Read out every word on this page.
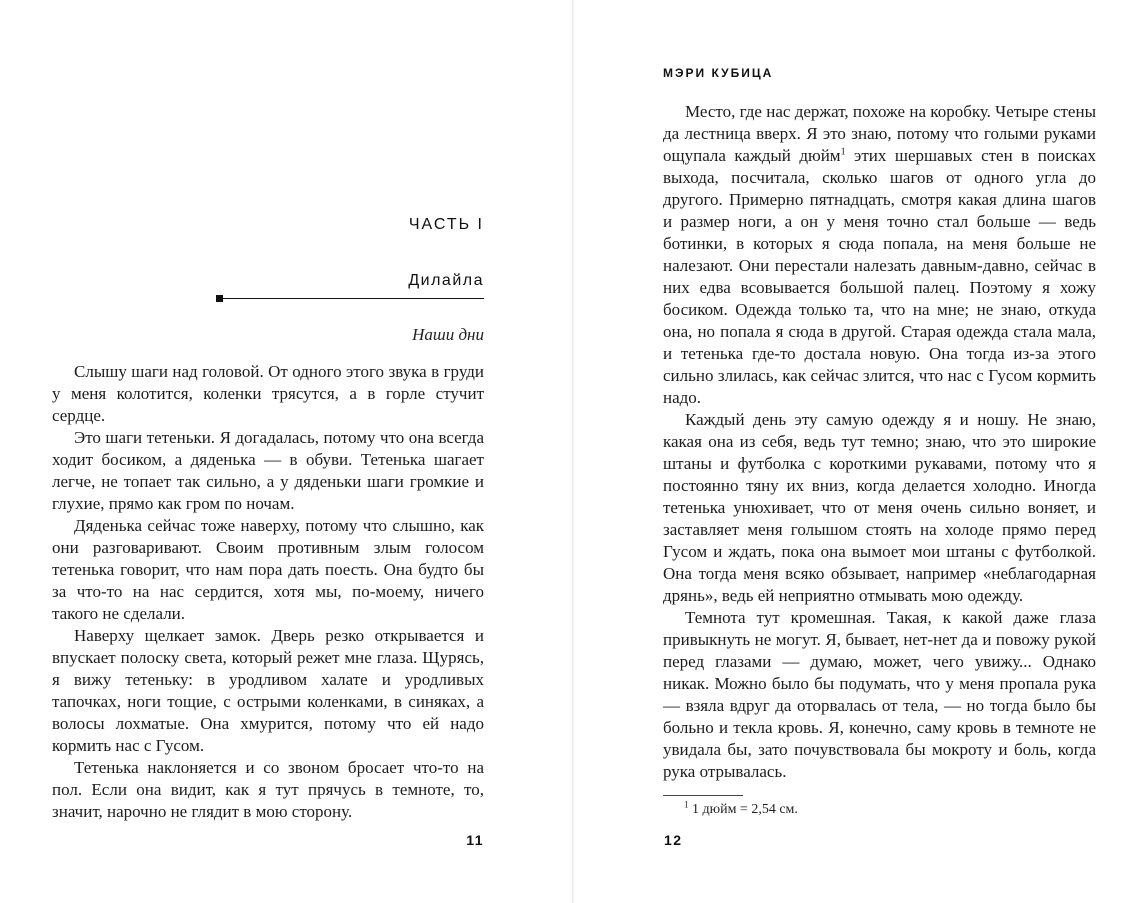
ЧАСТЬ I
Дилайла
Наши дни

Слышу шаги над головой. От одного этого звука в груди у меня колотится, коленки трясутся, а в горле стучит сердце.

Это шаги тетеньки. Я догадалась, потому что она всегда ходит босиком, а дяденька — в обуви. Тетенька шагает легче, не топает так сильно, а у дяденьки шаги громкие и глухие, прямо как гром по ночам.

Дяденька сейчас тоже наверху, потому что слышно, как они разговаривают. Своим противным злым голосом тетенька говорит, что нам пора дать поесть. Она будто бы за что-то на нас сердится, хотя мы, по-моему, ничего такого не сделали.

Наверху щелкает замок. Дверь резко открывается и впускает полоску света, который режет мне глаза. Щурясь, я вижу тетеньку: в уродливом халате и уродливых тапочках, ноги тощие, с острыми коленками, в синяках, а волосы лохматые. Она хмурится, потому что ей надо кормить нас с Гусом.

Тетенька наклоняется и со звоном бросает что-то на пол. Если она видит, как я тут прячусь в темноте, то, значит, нарочно не глядит в мою сторону.

11
МЭРИ КУБИЦА

Место, где нас держат, похоже на коробку. Четыре стены да лестница вверх. Я это знаю, потому что голыми руками ощупала каждый дюйм$^1$ этих шершавых стен в поисках выхода, посчитала, сколько шагов от одного угла до другого. Примерно пятнадцать, смотря какая длина шагов и размер ноги, а он у меня точно стал больше — ведь ботинки, в которых я сюда попала, на меня больше не налезают. Они перестали налезать давным-давно, сейчас в них едва всовывается большой палец. Поэтому я хожу босиком. Одежда только та, что на мне; не знаю, откуда она, но попала я сюда в другой. Старая одежда стала мала, и тетенька где-то достала новую. Она тогда из-за этого сильно злилась, как сейчас злится, что нас с Гусом кормить надо.

Каждый день эту самую одежду я и ношу. Не знаю, какая она из себя, ведь тут темно; знаю, что это широкие штаны и футболка с короткими рукавами, потому что я постоянно тяну их вниз, когда делается холодно. Иногда тетенька унюхивает, что от меня очень сильно воняет, и заставляет меня голышом стоять на холоде прямо перед Гусом и ждать, пока она вымоет мои штаны с футболкой. Она тогда меня всяко обзывает, например «неблагодарная дрянь», ведь ей неприятно отмывать мою одежду.

Темнота тут кромешная. Такая, к какой даже глаза привыкнуть не могут. Я, бывает, нет-нет да и повожу рукой перед глазами — думаю, может, чего увижу... Однако никак. Можно было бы подумать, что у меня пропала рука — взяла вдруг да оторвалась от тела, — но тогда было бы больно и текла кровь. Я, конечно, саму кровь в темноте не увидала бы, зато почувствовала бы мокроту и боль, когда рука отрывалась.

$^1$ 1 дюйм = 2,54 см.
12
